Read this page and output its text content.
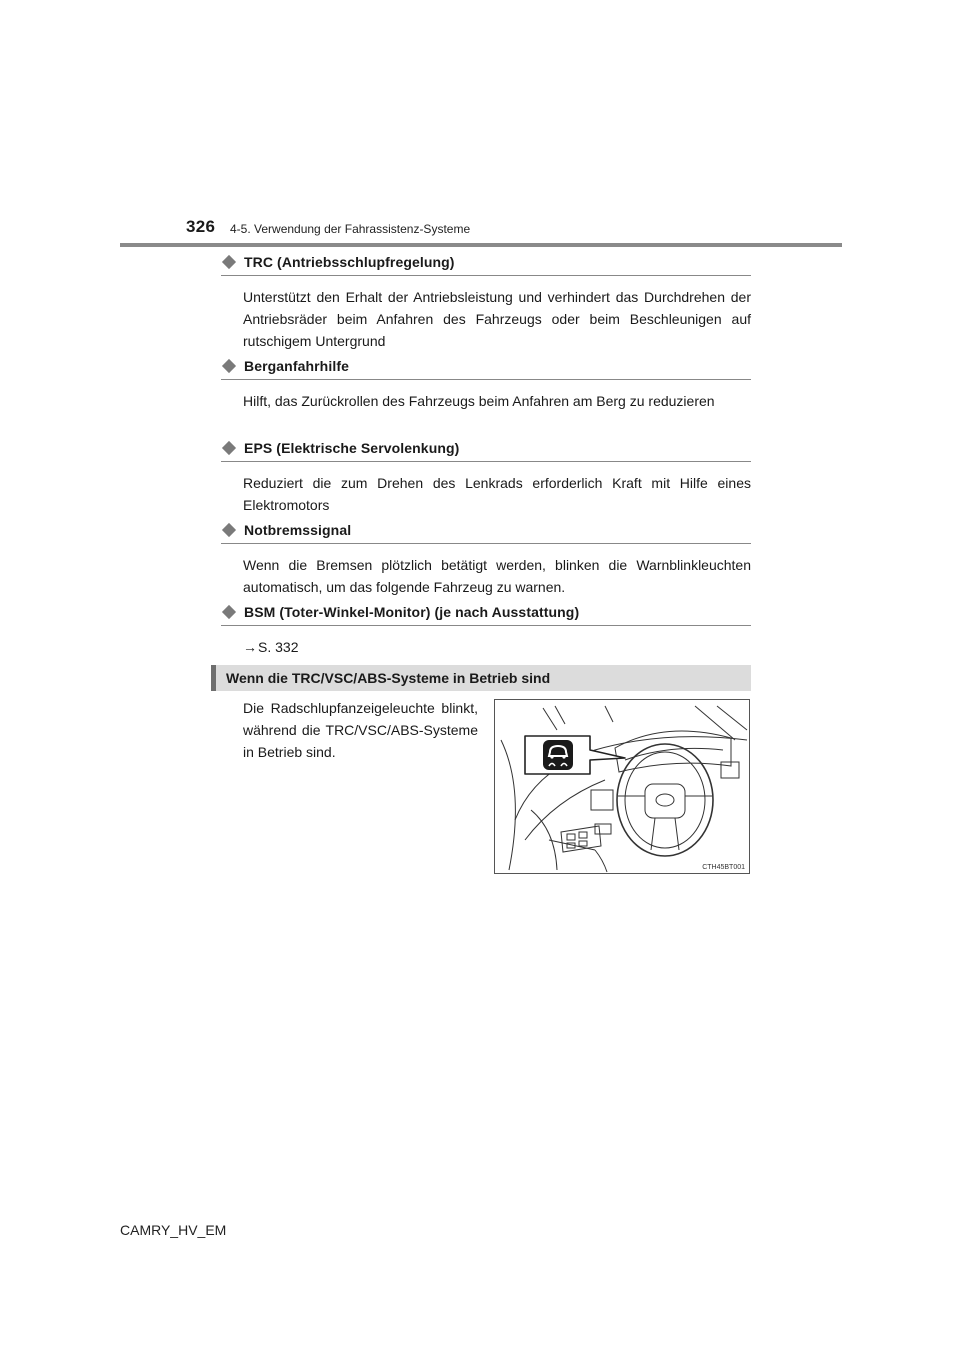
326 4-5. Verwendung der Fahrassistenz-Systeme
TRC (Antriebsschlupfregelung)
Unterstützt den Erhalt der Antriebsleistung und verhindert das Durchdrehen der Antriebsräder beim Anfahren des Fahrzeugs oder beim Beschleunigen auf rutschigem Untergrund
Berganfahrhilfe
Hilft, das Zurückrollen des Fahrzeugs beim Anfahren am Berg zu reduzieren
EPS (Elektrische Servolenkung)
Reduziert die zum Drehen des Lenkrads erforderlich Kraft mit Hilfe eines Elektromotors
Notbremssignal
Wenn die Bremsen plötzlich betätigt werden, blinken die Warnblinkleuchten automatisch, um das folgende Fahrzeug zu warnen.
BSM (Toter-Winkel-Monitor) (je nach Ausstattung)
→S. 332
Wenn die TRC/VSC/ABS-Systeme in Betrieb sind
Die Radschlupfanzeigeleuchte blinkt, während die TRC/VSC/ABS-Systeme in Betrieb sind.
CTH45BT001
CAMRY_HV_EM
